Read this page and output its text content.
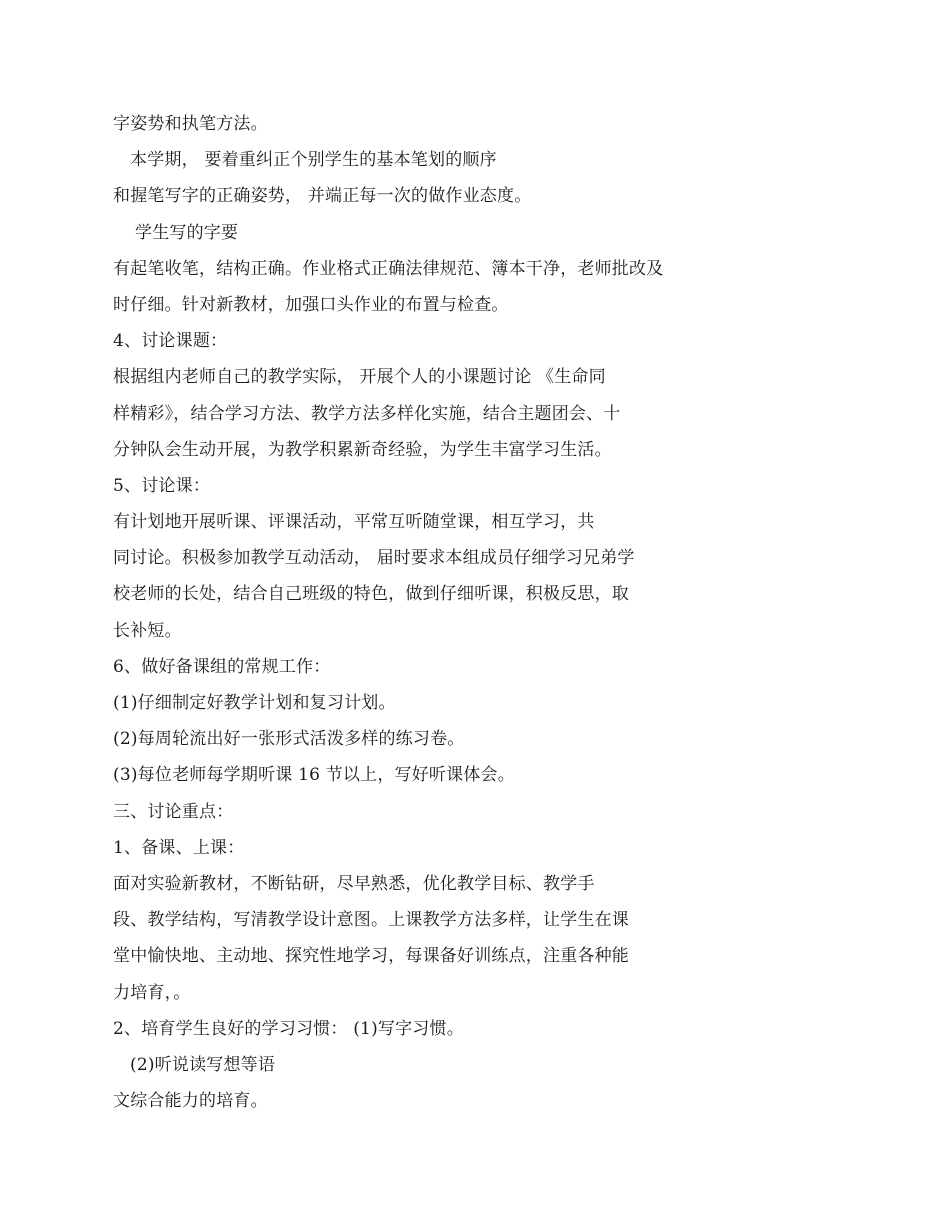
字姿势和执笔方法。
本学期， 要着重纠正个别学生的基本笔划的顺序
和握笔写字的正确姿势， 并端正每一次的做作业态度。
学生写的字要
有起笔收笔，结构正确。作业格式正确法律规范、簿本干净，老师批改及
时仔细。针对新教材，加强口头作业的布置与检查。
4、讨论课题：
根据组内老师自己的教学实际， 开展个人的小课题讨论 《生命同
样精彩》，结合学习方法、教学方法多样化实施，结合主题团会、十
分钟队会生动开展，为教学积累新奇经验，为学生丰富学习生活。
5、讨论课：
有计划地开展听课、评课活动，平常互听随堂课，相互学习，共
同讨论。积极参加教学互动活动， 届时要求本组成员仔细学习兄弟学
校老师的长处，结合自己班级的特色，做到仔细听课，积极反思，取
长补短。
6、做好备课组的常规工作：
(1)仔细制定好教学计划和复习计划。
(2)每周轮流出好一张形式活泼多样的练习卷。
(3)每位老师每学期听课 16 节以上，写好听课体会。
三、讨论重点：
1、备课、上课：
面对实验新教材，不断钻研，尽早熟悉，优化教学目标、教学手
段、教学结构，写清教学设计意图。上课教学方法多样，让学生在课
堂中愉快地、主动地、探究性地学习，每课备好训练点，注重各种能
力培育，。
2、培育学生良好的学习习惯： (1)写字习惯。
(2)听说读写想等语
文综合能力的培育。
